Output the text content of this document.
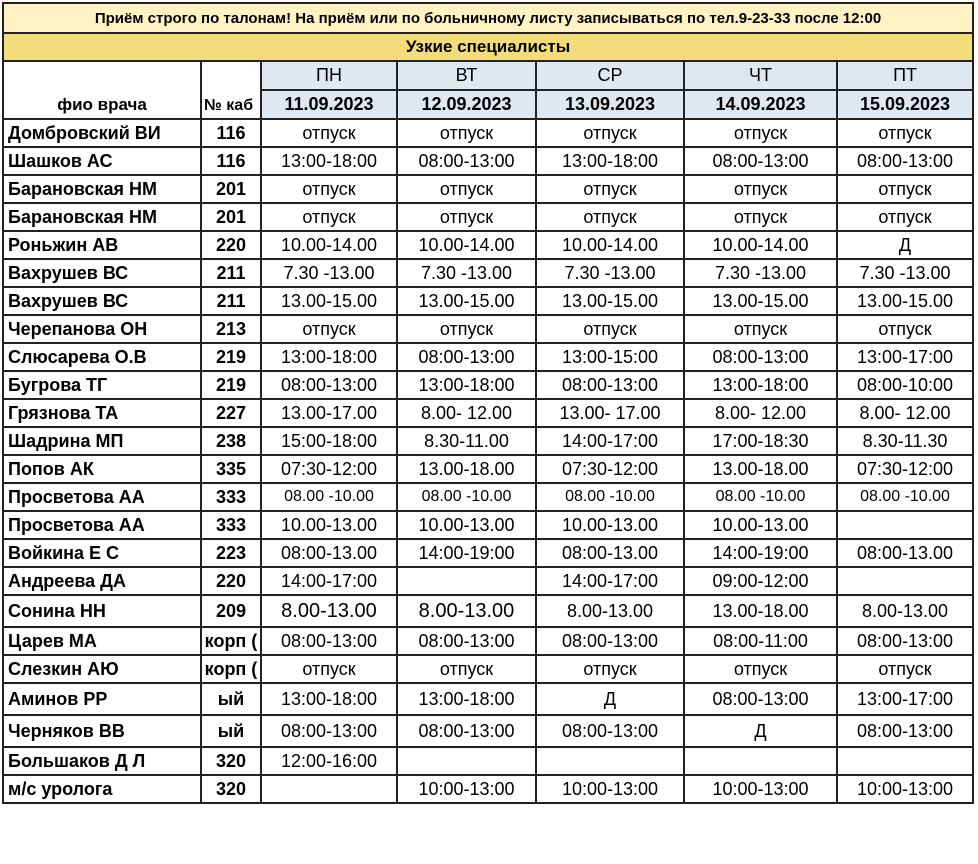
Приём строго по талонам! На приём или по больничному листу записываться по тел.9-23-33 после 12:00						
Узкие специалисты						
фио врача	№ каб	ПН	ВТ	СР	ЧТ	ПТ
		11.09.2023	12.09.2023	13.09.2023	14.09.2023	15.09.2023
Домбровский ВИ	116	отпуск	отпуск	отпуск	отпуск	отпуск
Шашков АС	116	13:00-18:00	08:00-13:00	13:00-18:00	08:00-13:00	08:00-13:00
Барановская НМ	201	отпуск	отпуск	отпуск	отпуск	отпуск
Барановская НМ	201	отпуск	отпуск	отпуск	отпуск	отпуск
Роньжин АВ	220	10.00-14.00	10.00-14.00	10.00-14.00	10.00-14.00	Д
Вахрушев ВС	211	7.30 -13.00	7.30 -13.00	7.30 -13.00	7.30 -13.00	7.30 -13.00
Вахрушев ВС	211	13.00-15.00	13.00-15.00	13.00-15.00	13.00-15.00	13.00-15.00
Черепанова ОН	213	отпуск	отпуск	отпуск	отпуск	отпуск
Слюсарева О.В	219	13:00-18:00	08:00-13:00	13:00-15:00	08:00-13:00	13:00-17:00
Бугрова ТГ	219	08:00-13:00	13:00-18:00	08:00-13:00	13:00-18:00	08:00-10:00
Грязнова ТА	227	13.00-17.00	8.00- 12.00	13.00- 17.00	8.00- 12.00	8.00- 12.00
Шадрина МП	238	15:00-18:00	8.30-11.00	14:00-17:00	17:00-18:30	8.30-11.30
Попов АК	335	07:30-12:00	13.00-18.00	07:30-12:00	13.00-18.00	07:30-12:00
Просветова АА	333	08.00 -10.00	08.00 -10.00	08.00 -10.00	08.00 -10.00	08.00 -10.00
Просветова АА	333	10.00-13.00	10.00-13.00	10.00-13.00	10.00-13.00	
Войкина Е С	223	08:00-13.00	14:00-19:00	08:00-13.00	14:00-19:00	08:00-13.00
Андреева ДА	220	14:00-17:00		14:00-17:00	09:00-12:00	
Сонина НН	209	8.00-13.00	8.00-13.00	8.00-13.00	13.00-18.00	8.00-13.00
Царев МА	корп (	08:00-13:00	08:00-13:00	08:00-13:00	08:00-11:00	08:00-13:00
Слезкин АЮ	корп (	отпуск	отпуск	отпуск	отпуск	отпуск
Аминов РР	ый	13:00-18:00	13:00-18:00	Д	08:00-13:00	13:00-17:00
Черняков ВВ	ый	08:00-13:00	08:00-13:00	08:00-13:00	Д	08:00-13:00
Большаков Д Л	320	12:00-16:00				
м/с уролога	320		10:00-13:00	10:00-13:00	10:00-13:00	10:00-13:00
